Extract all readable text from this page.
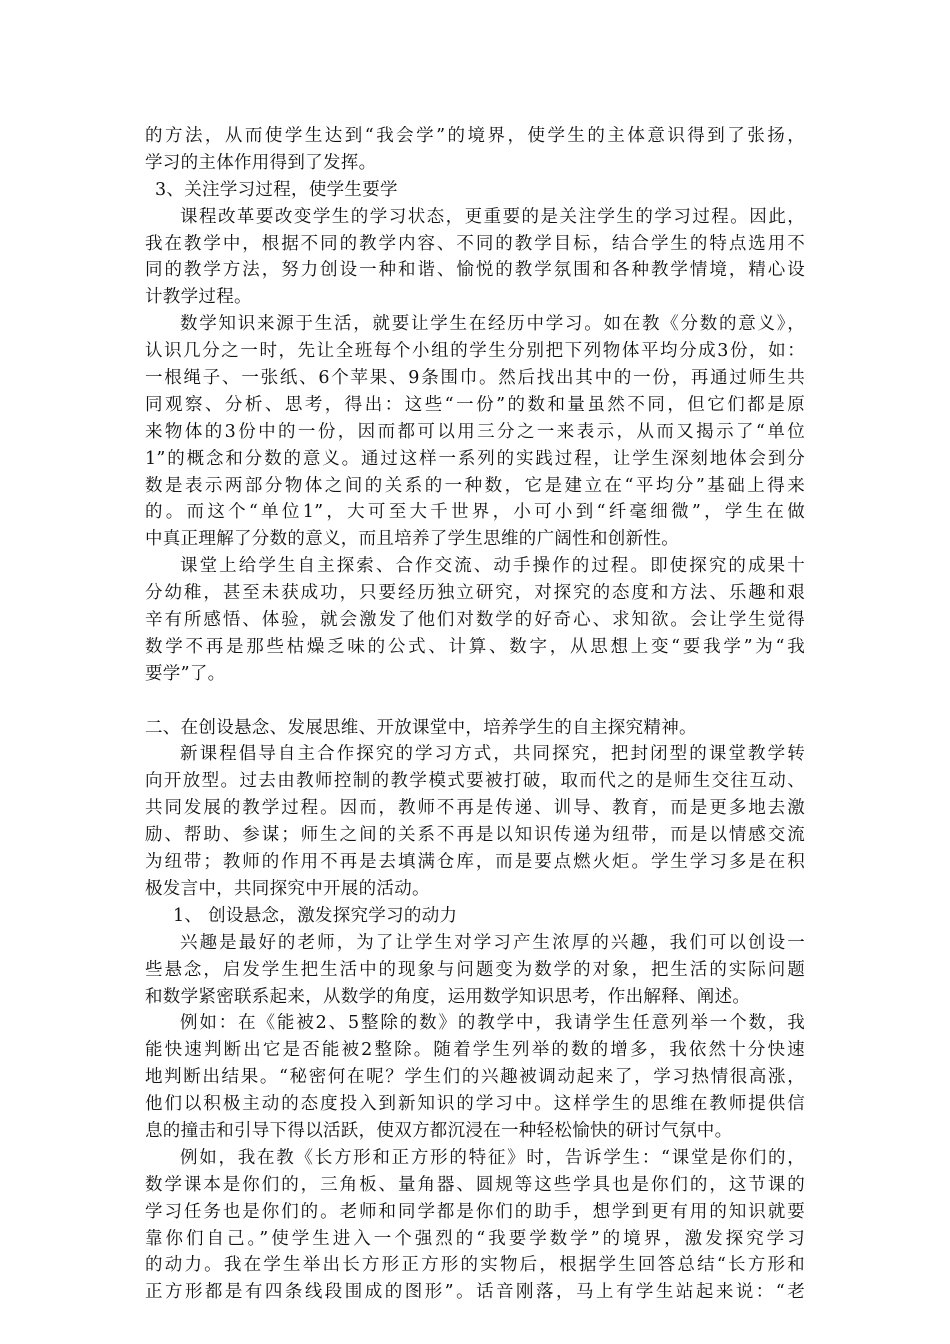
的方法，从而使学生达到“我会学”的境界，使学生的主体意识得到了张扬，
学习的主体作用得到了发挥。
3、关注学习过程，使学生要学
课程改革要改变学生的学习状态，更重要的是关注学生的学习过程。因此，
我在教学中，根据不同的教学内容、不同的教学目标，结合学生的特点选用不
同的教学方法，努力创设一种和谐、愉悦的教学氛围和各种教学情境，精心设
计教学过程。
数学知识来源于生活，就要让学生在经历中学习。如在教《分数的意义》，
认识几分之一时，先让全班每个小组的学生分别把下列物体平均分成3份，如：
一根绳子、一张纸、6个苹果、9条围巾。然后找出其中的一份，再通过师生共
同观察、分析、思考，得出：这些“一份”的数和量虽然不同，但它们都是原
来物体的3份中的一份，因而都可以用三分之一来表示，从而又揭示了“单位
1”的概念和分数的意义。通过这样一系列的实践过程，让学生深刻地体会到分
数是表示两部分物体之间的关系的一种数，它是建立在“平均分”基础上得来
的。而这个“单位1”，大可至大千世界，小可小到“纤毫细微”，学生在做
中真正理解了分数的意义，而且培养了学生思维的广阔性和创新性。
课堂上给学生自主探索、合作交流、动手操作的过程。即使探究的成果十
分幼稚，甚至未获成功，只要经历独立研究，对探究的态度和方法、乐趣和艰
辛有所感悟、体验，就会激发了他们对数学的好奇心、求知欲。会让学生觉得
数学不再是那些枯燥乏味的公式、计算、数字，从思想上变“要我学”为“我
要学”了。
二、在创设悬念、发展思维、开放课堂中，培养学生的自主探究精神。
新课程倡导自主合作探究的学习方式，共同探究，把封闭型的课堂教学转
向开放型。过去由教师控制的教学模式要被打破，取而代之的是师生交往互动、
共同发展的教学过程。因而，教师不再是传递、训导、教育，而是更多地去激
励、帮助、参谋；师生之间的关系不再是以知识传递为纽带，而是以情感交流
为纽带；教师的作用不再是去填满仓库，而是要点燃火炬。学生学习多是在积
极发言中，共同探究中开展的活动。
1、 创设悬念，激发探究学习的动力
兴趣是最好的老师，为了让学生对学习产生浓厚的兴趣，我们可以创设一
些悬念，启发学生把生活中的现象与问题变为数学的对象，把生活的实际问题
和数学紧密联系起来，从数学的角度，运用数学知识思考，作出解释、阐述。
例如：在《能被2、5整除的数》的教学中，我请学生任意列举一个数，我
能快速判断出它是否能被2整除。随着学生列举的数的增多，我依然十分快速
地判断出结果。“秘密何在呢？学生们的兴趣被调动起来了，学习热情很高涨，
他们以积极主动的态度投入到新知识的学习中。这样学生的思维在教师提供信
息的撞击和引导下得以活跃，使双方都沉浸在一种轻松愉快的研讨气氛中。
例如，我在教《长方形和正方形的特征》时，告诉学生：“课堂是你们的，
数学课本是你们的，三角板、量角器、圆规等这些学具也是你们的，这节课的
学习任务也是你们的。老师和同学都是你们的助手，想学到更有用的知识就要
靠你们自己。”使学生进入一个强烈的“我要学数学”的境界，激发探究学习
的动力。我在学生举出长方形正方形的实物后，根据学生回答总结“长方形和
正方形都是有四条线段围成的图形”。话音刚落，马上有学生站起来说：“老
